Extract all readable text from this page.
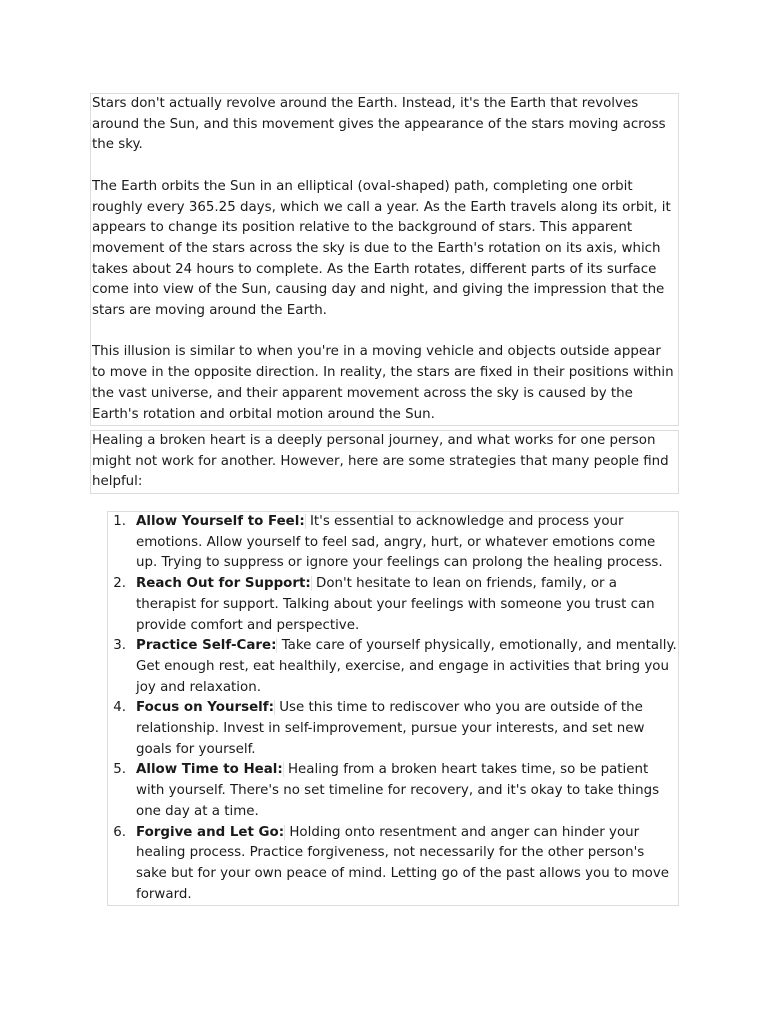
Stars don't actually revolve around the Earth. Instead, it's the Earth that revolves around the Sun, and this movement gives the appearance of the stars moving across the sky.

The Earth orbits the Sun in an elliptical (oval-shaped) path, completing one orbit roughly every 365.25 days, which we call a year. As the Earth travels along its orbit, it appears to change its position relative to the background of stars. This apparent movement of the stars across the sky is due to the Earth's rotation on its axis, which takes about 24 hours to complete. As the Earth rotates, different parts of its surface come into view of the Sun, causing day and night, and giving the impression that the stars are moving around the Earth.

This illusion is similar to when you're in a moving vehicle and objects outside appear to move in the opposite direction. In reality, the stars are fixed in their positions within the vast universe, and their apparent movement across the sky is caused by the Earth's rotation and orbital motion around the Sun.

Healing a broken heart is a deeply personal journey, and what works for one person might not work for another. However, here are some strategies that many people find helpful:

1. Allow Yourself to Feel: It's essential to acknowledge and process your emotions. Allow yourself to feel sad, angry, hurt, or whatever emotions come up. Trying to suppress or ignore your feelings can prolong the healing process.
2. Reach Out for Support: Don't hesitate to lean on friends, family, or a therapist for support. Talking about your feelings with someone you trust can provide comfort and perspective.
3. Practice Self-Care: Take care of yourself physically, emotionally, and mentally. Get enough rest, eat healthily, exercise, and engage in activities that bring you joy and relaxation.
4. Focus on Yourself: Use this time to rediscover who you are outside of the relationship. Invest in self-improvement, pursue your interests, and set new goals for yourself.
5. Allow Time to Heal: Healing from a broken heart takes time, so be patient with yourself. There's no set timeline for recovery, and it's okay to take things one day at a time.
6. Forgive and Let Go: Holding onto resentment and anger can hinder your healing process. Practice forgiveness, not necessarily for the other person's sake but for your own peace of mind. Letting go of the past allows you to move forward.
